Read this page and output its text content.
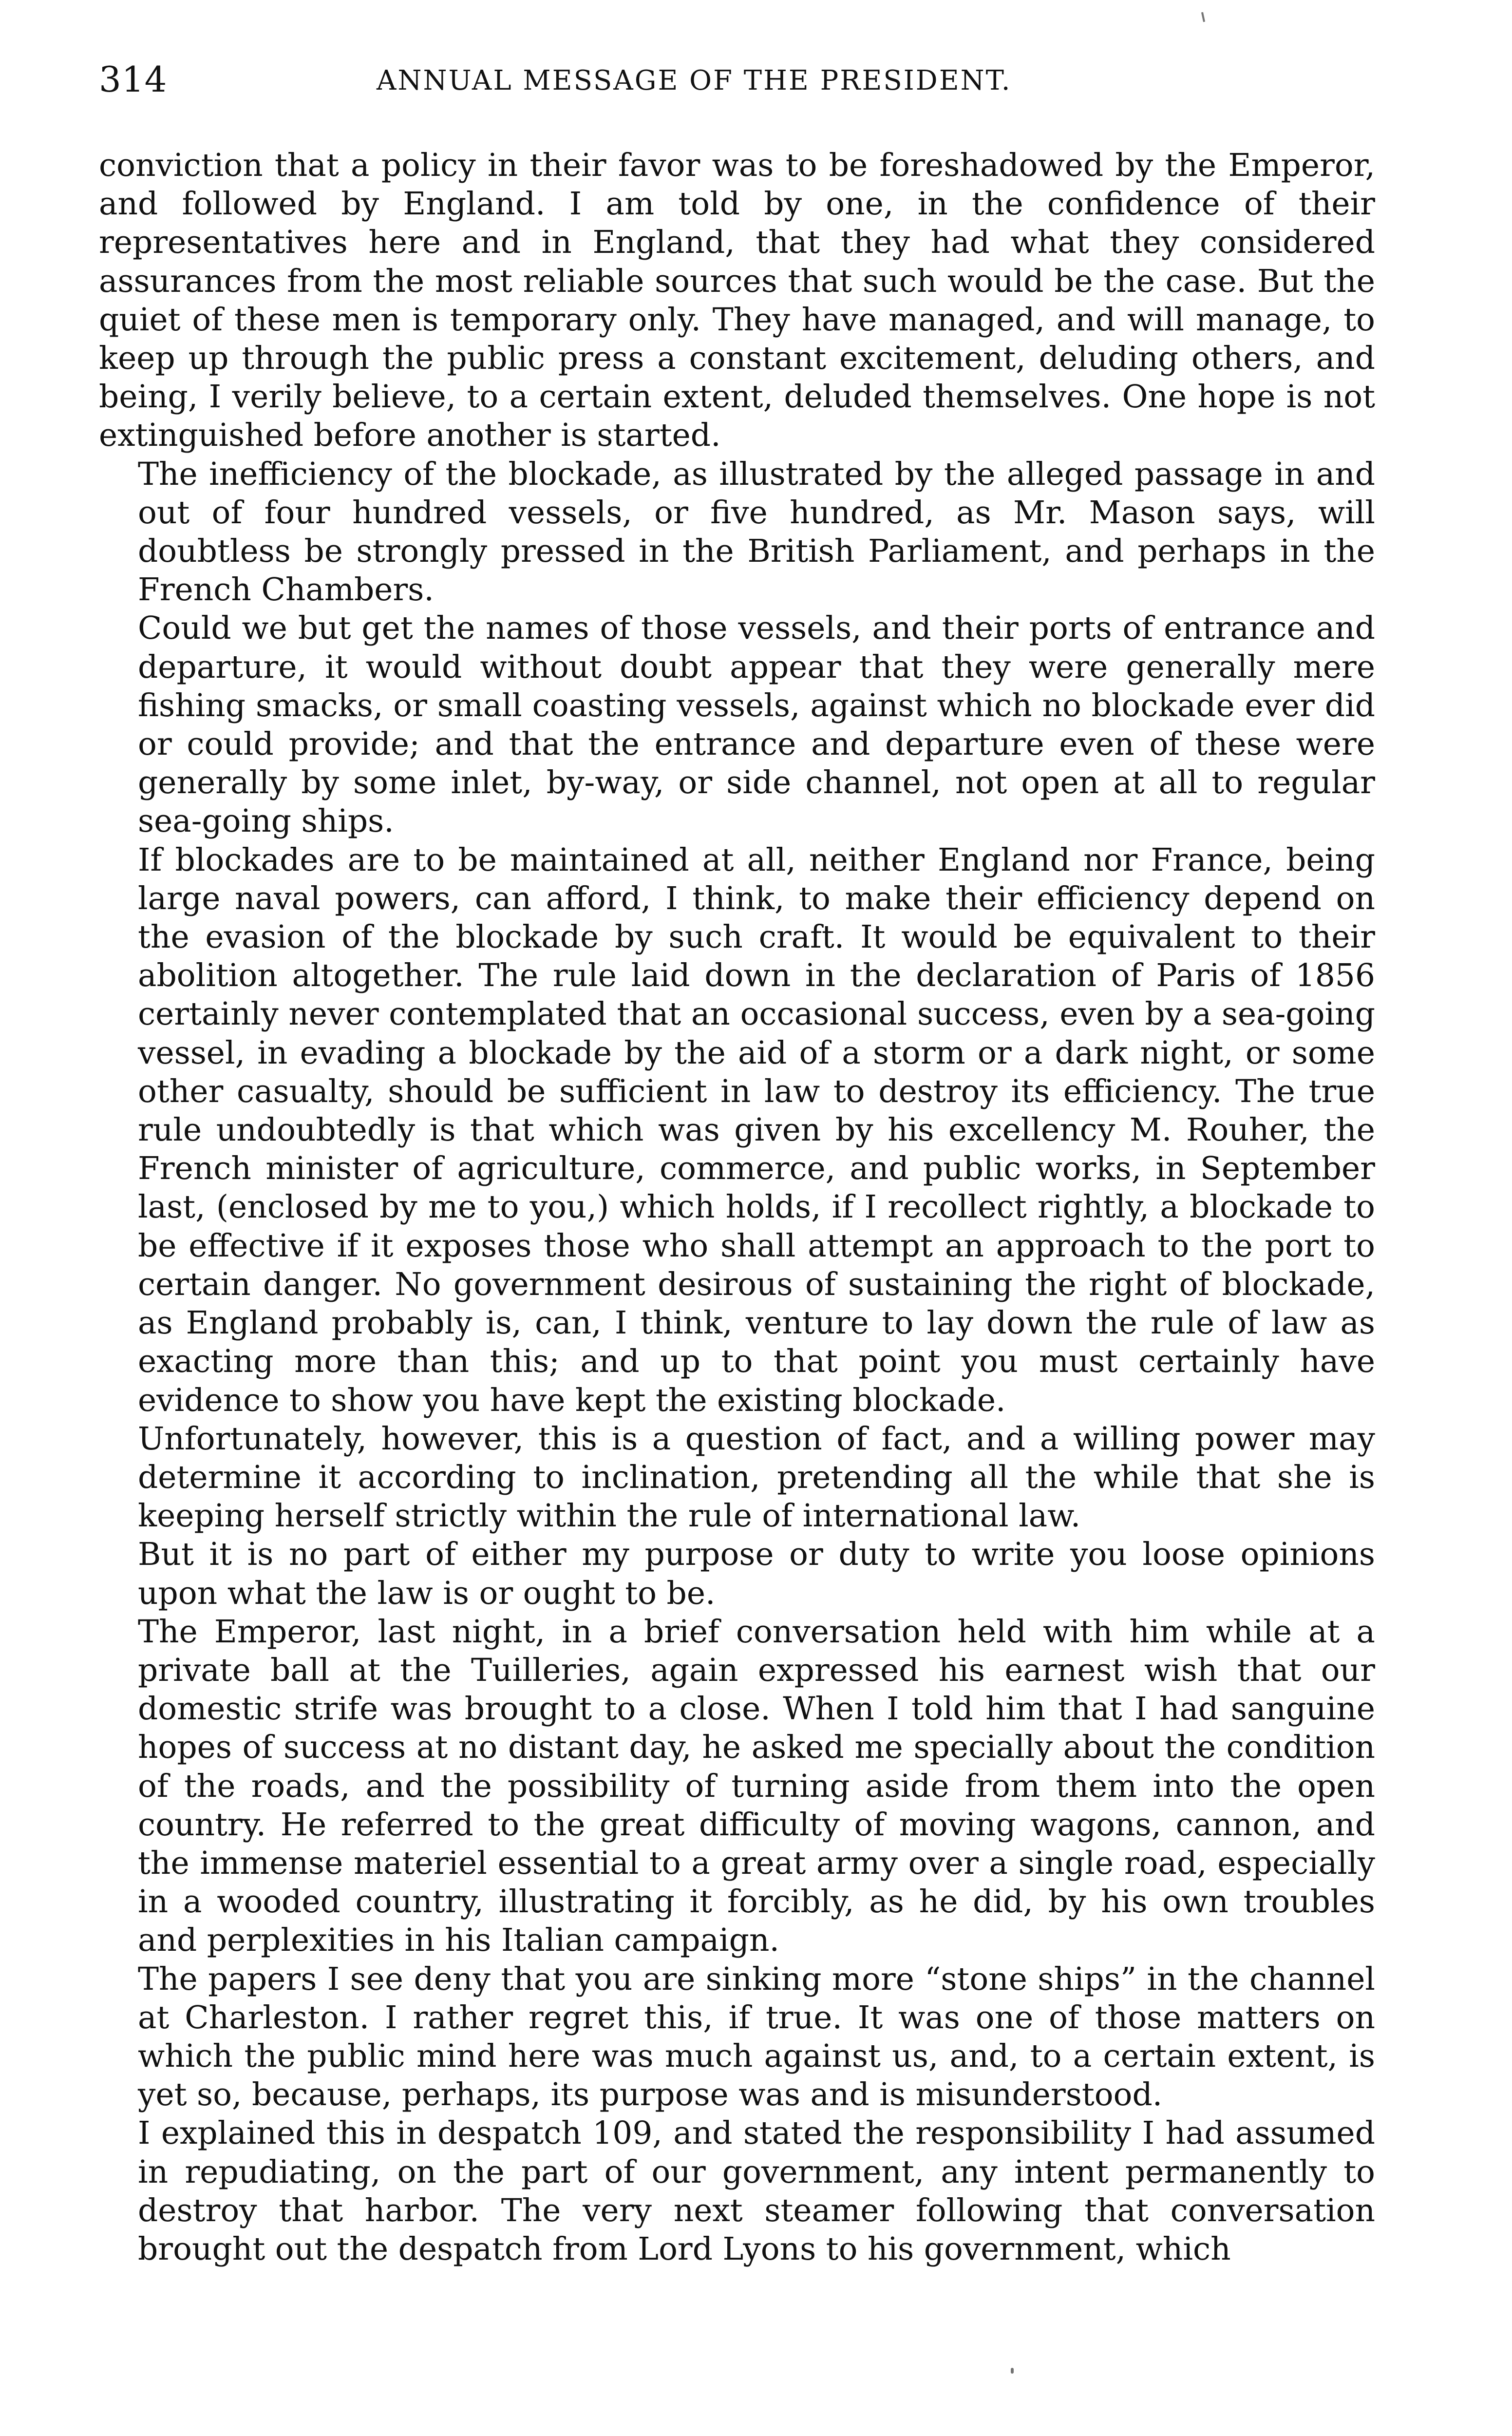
314	ANNUAL MESSAGE OF THE PRESIDENT.

conviction that a policy in their favor was to be foreshadowed by the Emperor, and followed by England. I am told by one, in the confidence of their representatives here and in England, that they had what they considered assurances from the most reliable sources that such would be the case. But the quiet of these men is temporary only. They have managed, and will manage, to keep up through the public press a constant excitement, deluding others, and being, I verily believe, to a certain extent, deluded themselves. One hope is not extinguished before another is started.

The inefficiency of the blockade, as illustrated by the alleged passage in and out of four hundred vessels, or five hundred, as Mr. Mason says, will doubtless be strongly pressed in the British Parliament, and perhaps in the French Chambers.

Could we but get the names of those vessels, and their ports of entrance and departure, it would without doubt appear that they were generally mere fishing smacks, or small coasting vessels, against which no blockade ever did or could provide; and that the entrance and departure even of these were generally by some inlet, by-way, or side channel, not open at all to regular sea-going ships.

If blockades are to be maintained at all, neither England nor France, being large naval powers, can afford, I think, to make their efficiency depend on the evasion of the blockade by such craft. It would be equivalent to their abolition altogether. The rule laid down in the declaration of Paris of 1856 certainly never contemplated that an occasional success, even by a sea-going vessel, in evading a blockade by the aid of a storm or a dark night, or some other casualty, should be sufficient in law to destroy its efficiency. The true rule undoubtedly is that which was given by his excellency M. Rouher, the French minister of agriculture, commerce, and public works, in September last, (enclosed by me to you,) which holds, if I recollect rightly, a blockade to be effective if it exposes those who shall attempt an approach to the port to certain danger. No government desirous of sustaining the right of blockade, as England probably is, can, I think, venture to lay down the rule of law as exacting more than this; and up to that point you must certainly have evidence to show you have kept the existing blockade.

Unfortunately, however, this is a question of fact, and a willing power may determine it according to inclination, pretending all the while that she is keeping herself strictly within the rule of international law.

But it is no part of either my purpose or duty to write you loose opinions upon what the law is or ought to be.

The Emperor, last night, in a brief conversation held with him while at a private ball at the Tuilleries, again expressed his earnest wish that our domestic strife was brought to a close. When I told him that I had sanguine hopes of success at no distant day, he asked me specially about the condition of the roads, and the possibility of turning aside from them into the open country. He referred to the great difficulty of moving wagons, cannon, and the immense materiel essential to a great army over a single road, especially in a wooded country, illustrating it forcibly, as he did, by his own troubles and perplexities in his Italian campaign.

The papers I see deny that you are sinking more “stone ships” in the channel at Charleston. I rather regret this, if true. It was one of those matters on which the public mind here was much against us, and, to a certain extent, is yet so, because, perhaps, its purpose was and is misunderstood.

I explained this in despatch 109, and stated the responsibility I had assumed in repudiating, on the part of our government, any intent permanently to destroy that harbor. The very next steamer following that conversation brought out the despatch from Lord Lyons to his government, which
